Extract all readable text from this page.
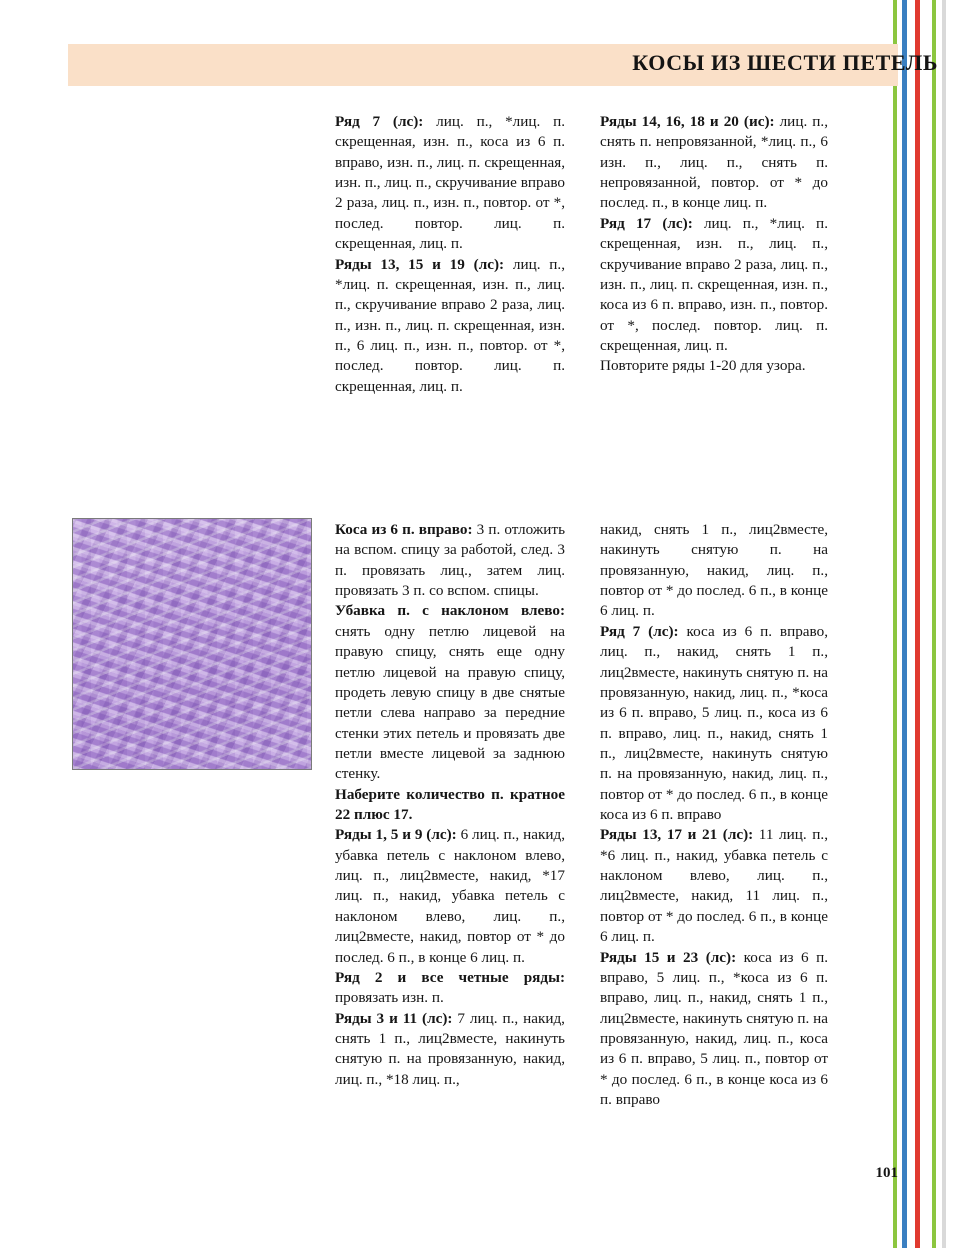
КОСЫ ИЗ ШЕСТИ ПЕТЕЛЬ

Ряд 7 (лс): лиц. п., *лиц. п. скрещенная, изн. п., коса из 6 п. вправо, изн. п., лиц. п. скрещенная, изн. п., лиц. п., скручивание вправо 2 раза, лиц. п., изн. п., повтор. от *, послед. повтор. лиц. п. скрещенная, лиц. п.

Ряды 13, 15 и 19 (лс): лиц. п., *лиц. п. скрещенная, изн. п., лиц. п., скручивание вправо 2 раза, лиц. п., изн. п., лиц. п. скрещенная, изн. п., 6 лиц. п., изн. п., повтор. от *, послед. повтор. лиц. п. скрещенная, лиц. п.

Ряды 14, 16, 18 и 20 (ис): лиц. п., снять п. непровязанной, *лиц. п., 6 изн. п., лиц. п., снять п. непровязанной, повтор. от * до послед. п., в конце лиц. п.

Ряд 17 (лс): лиц. п., *лиц. п. скрещенная, изн. п., лиц. п., скручивание вправо 2 раза, лиц. п., изн. п., лиц. п. скрещенная, изн. п., коса из 6 п. вправо, изн. п., повтор. от *, послед. повтор. лиц. п. скрещенная, лиц. п.

Повторите ряды 1-20 для узора.

Коса из 6 п. вправо: 3 п. отложить на вспом. спицу за работой, след. 3 п. провязать лиц., затем лиц. провязать 3 п. со вспом. спицы.

Убавка п. с наклоном влево: снять одну петлю лицевой на правую спицу, снять еще одну петлю лицевой на правую спицу, продеть левую спицу в две снятые петли слева направо за передние стенки этих петель и провязать две петли вместе лицевой за заднюю стенку.

Наберите количество п. кратное 22 плюс 17.

Ряды 1, 5 и 9 (лс): 6 лиц. п., накид, убавка петель с наклоном влево, лиц. п., лиц2вместе, накид, *17 лиц. п., накид, убавка петель с наклоном влево, лиц. п., лиц2вместе, накид, повтор от * до послед. 6 п., в конце 6 лиц. п.

Ряд 2 и все четные ряды: провязать изн. п.

Ряды 3 и 11 (лс): 7 лиц. п., накид, снять 1 п., лиц2вместе, накинуть снятую п. на провязанную, накид, лиц. п., *18 лиц. п.,

накид, снять 1 п., лиц2вместе, накинуть снятую п. на провязанную, накид, лиц. п., повтор от * до послед. 6 п., в конце 6 лиц. п.

Ряд 7 (лс): коса из 6 п. вправо, лиц. п., накид, снять 1 п., лиц2вместе, накинуть снятую п. на провязанную, накид, лиц. п., *коса из 6 п. вправо, 5 лиц. п., коса из 6 п. вправо, лиц. п., накид, снять 1 п., лиц2вместе, накинуть снятую п. на провязанную, накид, лиц. п., повтор от * до послед. 6 п., в конце коса из 6 п. вправо

Ряды 13, 17 и 21 (лс): 11 лиц. п., *6 лиц. п., накид, убавка петель с наклоном влево, лиц. п., лиц2вместе, накид, 11 лиц. п., повтор от * до послед. 6 п., в конце 6 лиц. п.

Ряды 15 и 23 (лс): коса из 6 п. вправо, 5 лиц. п., *коса из 6 п. вправо, лиц. п., накид, снять 1 п., лиц2вместе, накинуть снятую п. на провязанную, накид, лиц. п., коса из 6 п. вправо, 5 лиц. п., повтор от * до послед. 6 п., в конце коса из 6 п. вправо

101
